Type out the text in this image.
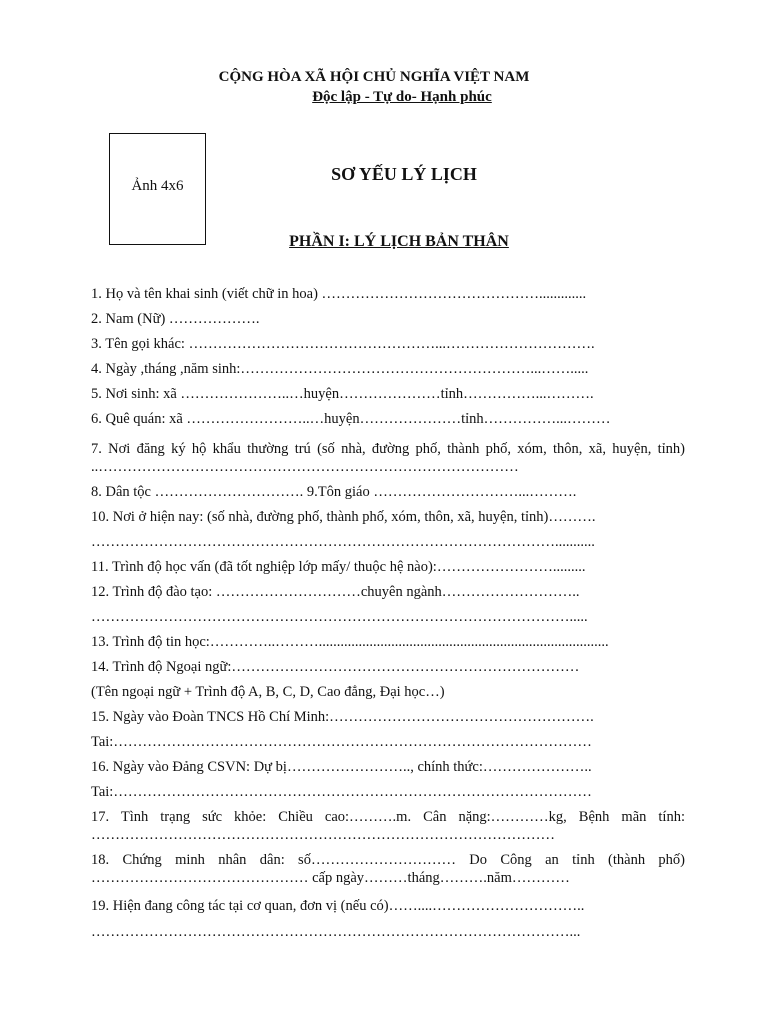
CỘNG HÒA XÃ HỘI CHỦ NGHĨA VIỆT NAM
Độc lập - Tự do- Hạnh phúc
Ảnh 4x6
SƠ YẾU LÝ LỊCH
PHẦN I: LÝ LỊCH BẢN THÂN
1. Họ và tên khai sinh (viết chữ in hoa) ……………………………………….............
2. Nam (Nữ) ……………….
3. Tên gọi khác: ……………………………………………...………………………….
4. Ngày ,tháng ,năm sinh:……………………………………………………...…….....
5. Nơi sinh: xã …………………..…huyện…………………tỉnh……………...……….
6. Quê quán: xã ……………………..…huyện…………………tỉnh……………...………
7. Nơi đăng ký hộ khẩu thường trú (số nhà, đường phố, thành phố, xóm, thôn, xã, huyện, tỉnh) ..……………………………………………………………………………
8. Dân tộc …………………………. 9.Tôn giáo …………………………...……….
10. Nơi ở hiện nay: (số nhà, đường phố, thành phố, xóm, thôn, xã, huyện, tỉnh)……….
……………………………………………………………………………………...........
11. Trình độ học vấn (đã tốt nghiệp lớp mấy/ thuộc hệ nào):…………………….........
12. Trình độ đào tạo: …………………………chuyên ngành………………………..
……………………………………………………………………………………….....
13. Trình độ tin học:…………..………................................................................................
14. Trình độ Ngoại ngữ:………………………………………………………………
(Tên ngoại ngữ + Trình độ A, B, C, D, Cao đẳng, Đại học…)
15. Ngày vào Đoàn TNCS Hồ Chí Minh:……………………………………………….
Tai:………………………………………………………………………………………
16. Ngày vào Đảng CSVN: Dự bị…………………….., chính thức:…………………..
Tai:………………………………………………………………………………………
17. Tình trạng sức khỏe: Chiều cao:……….m. Cân nặng:…………kg, Bệnh mãn tính: ……………………………………………………………………………………
18. Chứng minh nhân dân: số………………………… Do Công an tỉnh (thành phố) ……………………………………… cấp ngày………tháng……….năm…………
19. Hiện đang công tác tại cơ quan, đơn vị (nếu có)……....…………………………..
………………………………………………………………………………………...
